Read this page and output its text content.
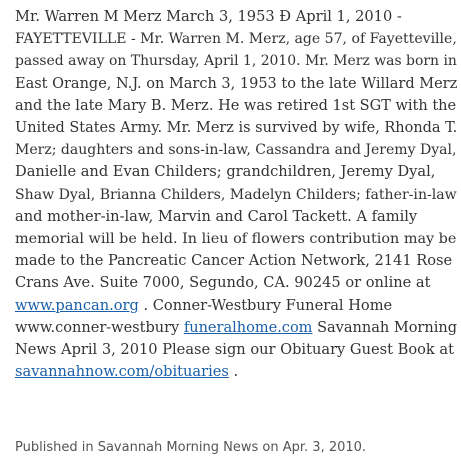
Mr. Warren M Merz March 3, 1953 Ð April 1, 2010 -
FAYETTEVILLE - Mr. Warren M. Merz, age 57, of Fayetteville,
passed away on Thursday, April 1, 2010. Mr. Merz was born in
East Orange, N.J. on March 3, 1953 to the late Willard Merz
and the late Mary B. Merz. He was retired 1st SGT with the
United States Army. Mr. Merz is survived by wife, Rhonda T.
Merz; daughters and sons-in-law, Cassandra and Jeremy Dyal,
Danielle and Evan Childers; grandchildren, Jeremy Dyal,
Shaw Dyal, Brianna Childers, Madelyn Childers; father-in-law
and mother-in-law, Marvin and Carol Tackett. A family
memorial will be held. In lieu of flowers contribution may be
made to the Pancreatic Cancer Action Network, 2141 Rose
Crans Ave. Suite 7000, Segundo, CA. 90245 or online at
www.pancan.org . Conner-Westbury Funeral Home
www.conner-westbury funeralhome.com Savannah Morning
News April 3, 2010 Please sign our Obituary Guest Book at
savannahnow.com/obituaries .

Published in Savannah Morning News on Apr. 3, 2010.
